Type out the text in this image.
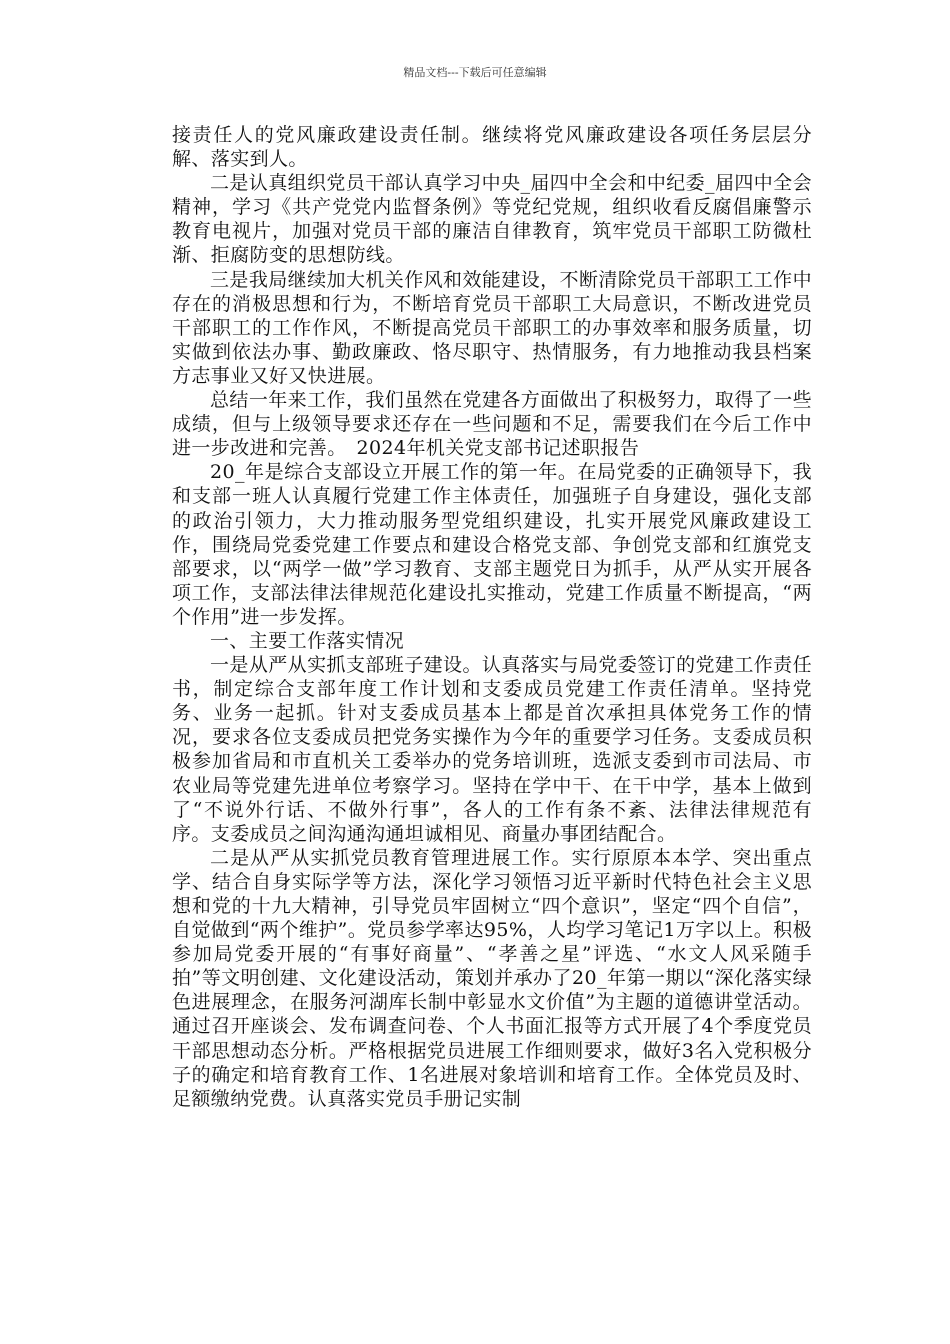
精品文档---下载后可任意编辑

接责任人的党风廉政建设责任制。继续将党风廉政建设各项任务层层分解、落实到人。

二是认真组织党员干部认真学习中央_届四中全会和中纪委_届四中全会精神，学习《共产党党内监督条例》等党纪党规，组织收看反腐倡廉警示教育电视片，加强对党员干部的廉洁自律教育，筑牢党员干部职工防微杜渐、拒腐防变的思想防线。

三是我局继续加大机关作风和效能建设，不断清除党员干部职工工作中存在的消极思想和行为，不断培育党员干部职工大局意识，不断改进党员干部职工的工作作风，不断提高党员干部职工的办事效率和服务质量，切实做到依法办事、勤政廉政、恪尽职守、热情服务，有力地推动我县档案方志事业又好又快进展。

总结一年来工作，我们虽然在党建各方面做出了积极努力，取得了一些成绩，但与上级领导要求还存在一些问题和不足，需要我们在今后工作中进一步改进和完善。　2024年机关党支部书记述职报告

20_年是综合支部设立开展工作的第一年。在局党委的正确领导下，我和支部一班人认真履行党建工作主体责任，加强班子自身建设，强化支部的政治引领力，大力推动服务型党组织建设，扎实开展党风廉政建设工作，围绕局党委党建工作要点和建设合格党支部、争创党支部和红旗党支部要求，以“两学一做”学习教育、支部主题党日为抓手，从严从实开展各项工作，支部法律法律规范化建设扎实推动，党建工作质量不断提高，“两个作用”进一步发挥。

一、主要工作落实情况

一是从严从实抓支部班子建设。认真落实与局党委签订的党建工作责任书，制定综合支部年度工作计划和支委成员党建工作责任清单。坚持党务、业务一起抓。针对支委成员基本上都是首次承担具体党务工作的情况，要求各位支委成员把党务实操作为今年的重要学习任务。支委成员积极参加省局和市直机关工委举办的党务培训班，选派支委到市司法局、市农业局等党建先进单位考察学习。坚持在学中干、在干中学，基本上做到了“不说外行话、不做外行事”，各人的工作有条不紊、法律法律规范有序。支委成员之间沟通沟通坦诚相见、商量办事团结配合。

二是从严从实抓党员教育管理进展工作。实行原原本本学、突出重点学、结合自身实际学等方法，深化学习领悟习近平新时代特色社会主义思想和党的十九大精神，引导党员牢固树立“四个意识”，坚定“四个自信”，自觉做到“两个维护”。党员参学率达95%，人均学习笔记1万字以上。积极参加局党委开展的“有事好商量”、“孝善之星”评选、“水文人风采随手拍”等文明创建、文化建设活动，策划并承办了20_年第一期以“深化落实绿色进展理念，在服务河湖库长制中彰显水文价值”为主题的道德讲堂活动。通过召开座谈会、发布调查问卷、个人书面汇报等方式开展了4个季度党员干部思想动态分析。严格根据党员进展工作细则要求，做好3名入党积极分子的确定和培育教育工作、1名进展对象培训和培育工作。全体党员及时、足额缴纳党费。认真落实党员手册记实制
